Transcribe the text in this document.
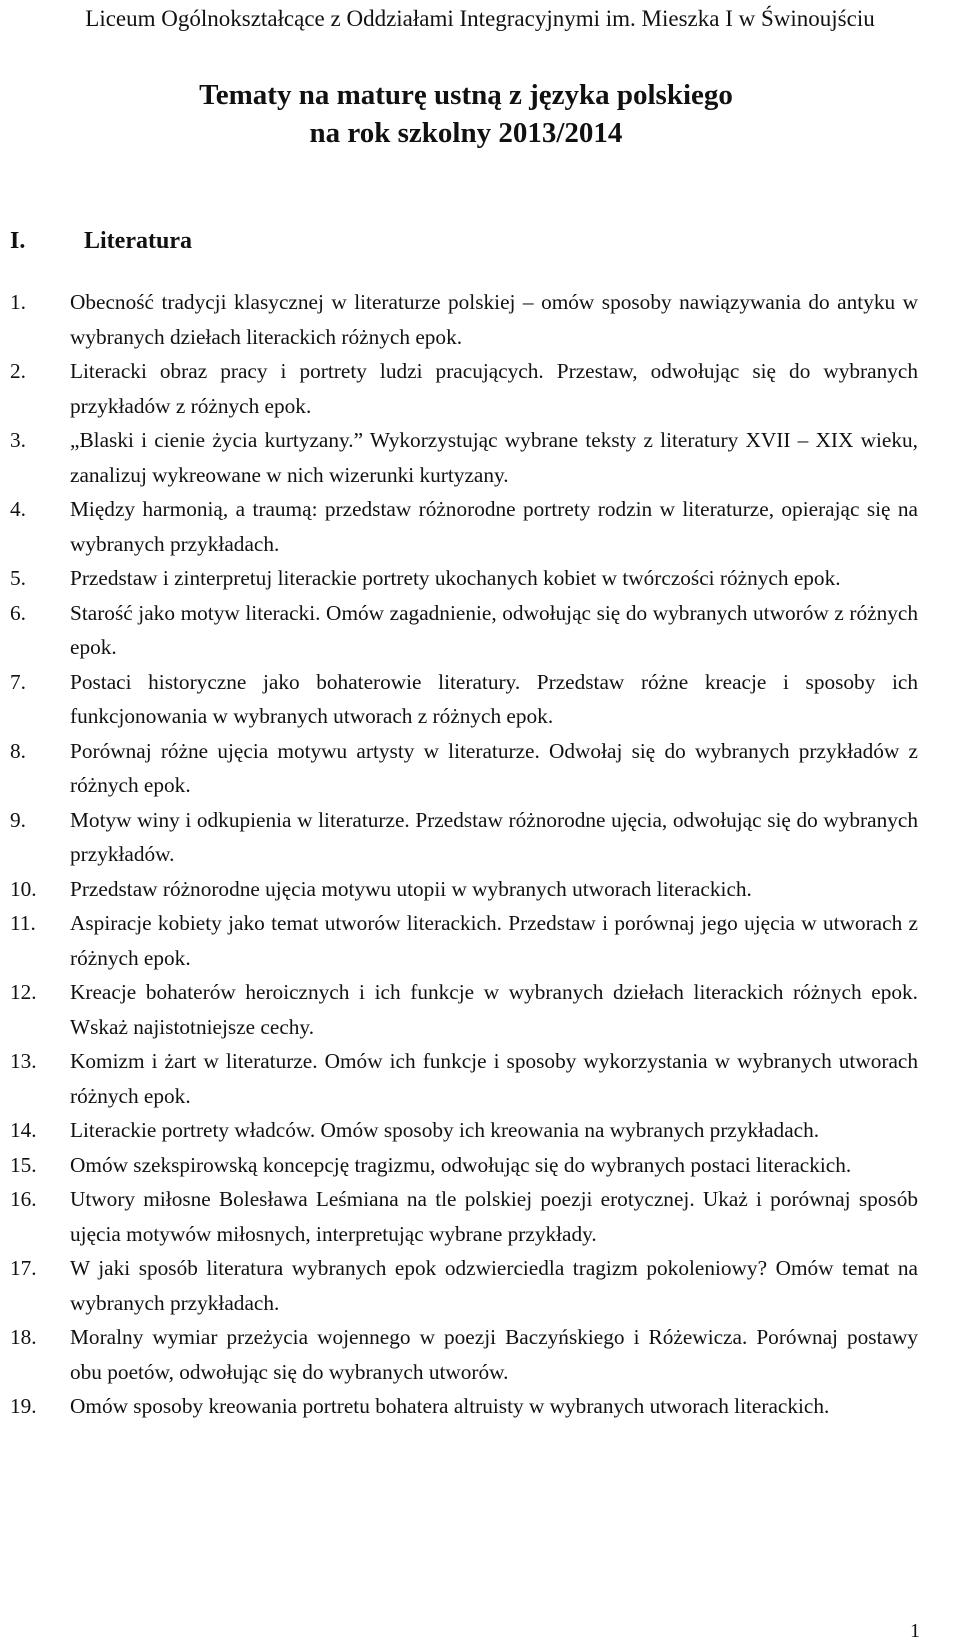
Liceum Ogólnokształcące z Oddziałami Integracyjnymi im. Mieszka I w Świnoujściu
Tematy na maturę ustną z języka polskiego
na rok szkolny 2013/2014
I. Literatura
1. Obecność tradycji klasycznej w literaturze polskiej – omów sposoby nawiązywania do antyku w wybranych dziełach literackich różnych epok.
2. Literacki obraz pracy i portrety ludzi pracujących. Przestaw, odwołując się do wybranych przykładów z różnych epok.
3. „Blaski i cienie życia kurtyzany.” Wykorzystując wybrane teksty z literatury XVII – XIX wieku, zanalizuj wykreowane w nich wizerunki kurtyzany.
4. Między harmonią, a traumą: przedstaw różnorodne portrety rodzin w literaturze, opierając się na wybranych przykładach.
5. Przedstaw i zinterpretuj literackie portrety ukochanych kobiet w twórczości różnych epok.
6. Starość jako motyw literacki. Omów zagadnienie, odwołując się do wybranych utworów z różnych epok.
7. Postaci historyczne jako bohaterowie literatury. Przedstaw różne kreacje i sposoby ich funkcjonowania w wybranych utworach z różnych epok.
8. Porównaj różne ujęcia motywu artysty w literaturze. Odwołaj się do wybranych przykładów z różnych epok.
9. Motyw winy i odkupienia w literaturze. Przedstaw różnorodne ujęcia, odwołując się do wybranych przykładów.
10. Przedstaw różnorodne ujęcia motywu utopii w wybranych utworach literackich.
11. Aspiracje kobiety jako temat utworów literackich. Przedstaw i porównaj jego ujęcia w utworach z różnych epok.
12. Kreacje bohaterów heroicznych i ich funkcje w wybranych dziełach literackich różnych epok. Wskaż najistotniejsze cechy.
13. Komizm i żart w literaturze. Omów ich funkcje i sposoby wykorzystania w wybranych utworach różnych epok.
14. Literackie portrety władców. Omów sposoby ich kreowania na wybranych przykładach.
15. Omów szekspirowską koncepcję tragizmu, odwołując się do wybranych postaci literackich.
16. Utwory miłosne Bolesława Leśmiana na tle polskiej poezji erotycznej. Ukaż i porównaj sposób ujęcia motywów miłosnych, interpretując wybrane przykłady.
17. W jaki sposób literatura wybranych epok odzwierciedla tragizm pokoleniowy? Omów temat na wybranych przykładach.
18. Moralny wymiar przeżycia wojennego w poezji Baczyńskiego i Różewicza. Porównaj postawy obu poetów, odwołując się do wybranych utworów.
19. Omów sposoby kreowania portretu bohatera altruisty w wybranych utworach literackich.
1
